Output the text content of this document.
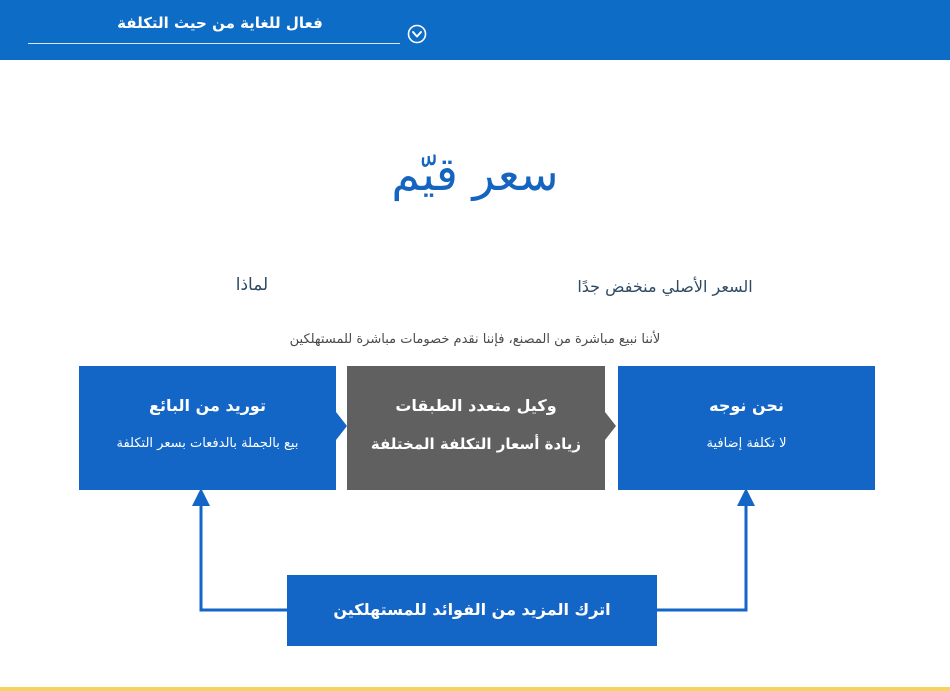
فعال للغاية من حيث التكلفة
سعر قيّم
لماذا	السعر الأصلي منخفض جدًا
لأننا نبيع مباشرة من المصنع، فإننا نقدم خصومات مباشرة للمستهلكين
توريد من البائع
بيع بالجملة بالدفعات بسعر التكلفة
وكيل متعدد الطبقات
زيادة أسعار التكلفة المختلفة
نحن نوجه
لا تكلفة إضافية
اترك المزيد من الفوائد للمستهلكين
